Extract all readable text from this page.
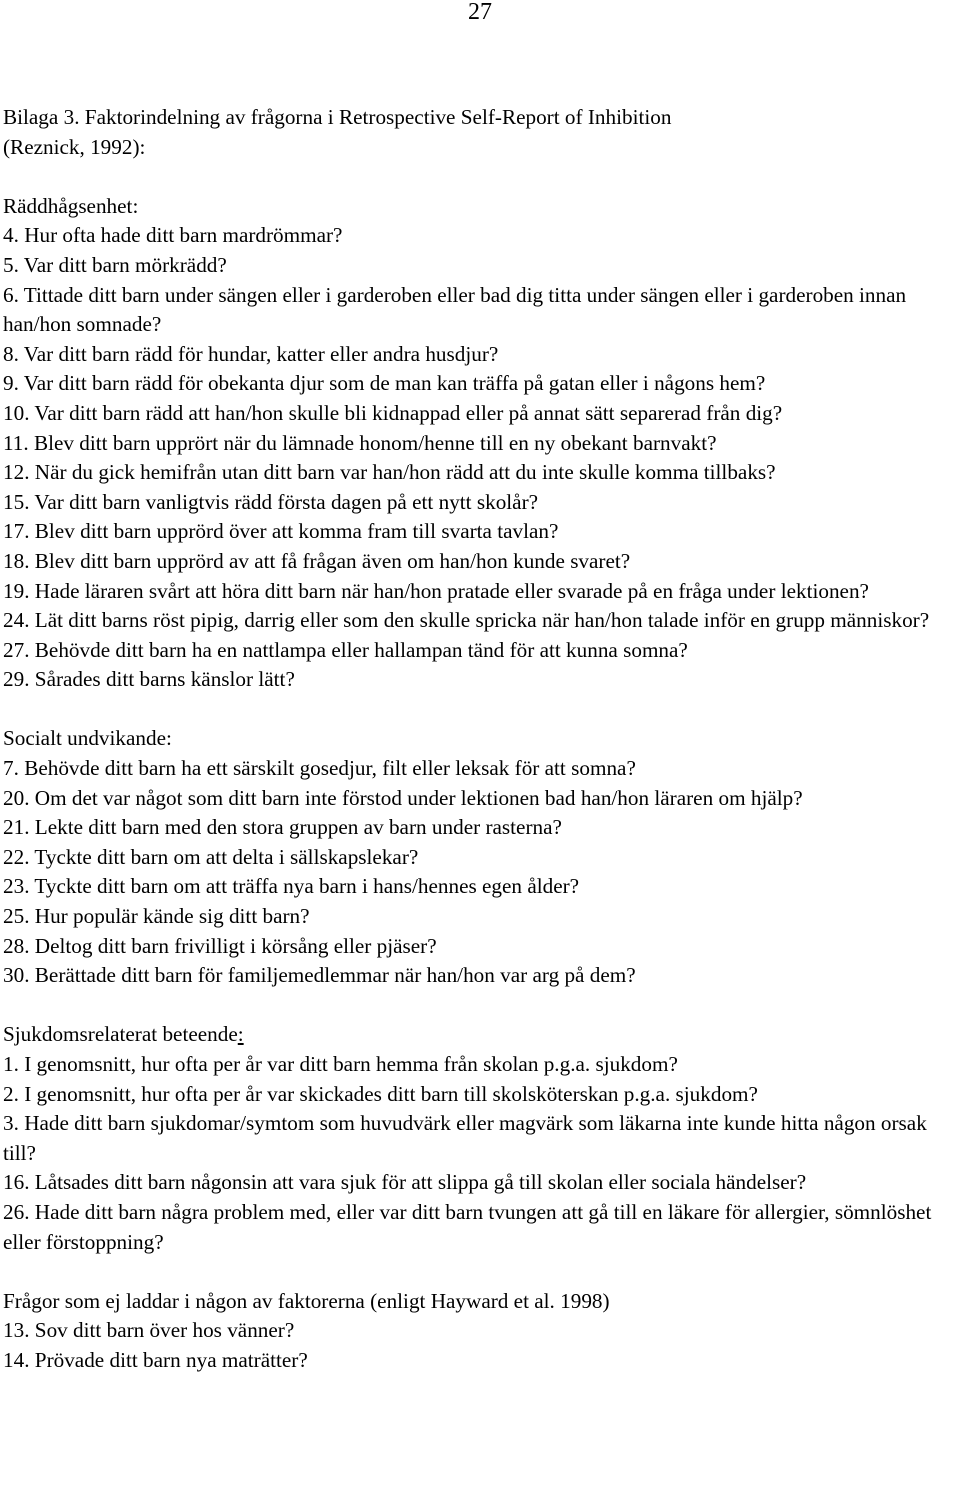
27

Bilaga 3. Faktorindelning av frågorna i Retrospective Self-Report of Inhibition

(Reznick, 1992):

Räddhågsenhet:

4. Hur ofta hade ditt barn mardrömmar?

5. Var ditt barn mörkrädd?

6. Tittade ditt barn under sängen eller i garderoben eller bad dig titta under sängen eller i garderoben innan han/hon somnade?

8. Var ditt barn rädd för hundar, katter eller andra husdjur?

9. Var ditt barn rädd för obekanta djur som de man kan träffa på gatan eller i någons hem?

10. Var ditt barn rädd att han/hon skulle bli kidnappad eller på annat sätt separerad från dig?

11. Blev ditt barn upprört när du lämnade honom/henne till en ny obekant barnvakt?

12. När du gick hemifrån utan ditt barn var han/hon rädd att du inte skulle komma tillbaks?

15. Var ditt barn vanligtvis rädd första dagen på ett nytt skolår?

17. Blev ditt barn upprörd över att komma fram till svarta tavlan?

18. Blev ditt barn upprörd av att få frågan även om han/hon kunde svaret?

19. Hade läraren svårt att höra ditt barn när han/hon pratade eller svarade på en fråga under lektionen?

24. Lät ditt barns röst pipig, darrig eller som den skulle spricka när han/hon talade inför en grupp människor?

27. Behövde ditt barn ha en nattlampa eller hallampan tänd för att kunna somna?

29. Sårades ditt barns känslor lätt?

Socialt undvikande:

7. Behövde ditt barn ha ett särskilt gosedjur, filt eller leksak för att somna?

20. Om det var något som ditt barn inte förstod under lektionen bad han/hon läraren om hjälp?

21. Lekte ditt barn med den stora gruppen av barn under rasterna?

22. Tyckte ditt barn om att delta i sällskapslekar?

23. Tyckte ditt barn om att träffa nya barn i hans/hennes egen ålder?

25. Hur populär kände sig ditt barn?

28. Deltog ditt barn frivilligt i körsång eller pjäser?

30. Berättade ditt barn för familjemedlemmar när han/hon var arg på dem?

Sjukdomsrelaterat beteende:

1. I genomsnitt, hur ofta per år var ditt barn hemma från skolan p.g.a. sjukdom?

2. I genomsnitt, hur ofta per år var skickades ditt barn till skolsköterskan p.g.a. sjukdom?

3. Hade ditt barn sjukdomar/symtom som huvudvärk eller magvärk som läkarna inte kunde hitta någon orsak till?

16. Låtsades ditt barn någonsin att vara sjuk för att slippa gå till skolan eller sociala händelser?

26. Hade ditt barn några problem med, eller var ditt barn tvungen att gå till en läkare för allergier, sömnlöshet eller förstoppning?

Frågor som ej laddar i någon av faktorerna (enligt Hayward et al. 1998)

13. Sov ditt barn över hos vänner?

14. Prövade ditt barn nya maträtter?
